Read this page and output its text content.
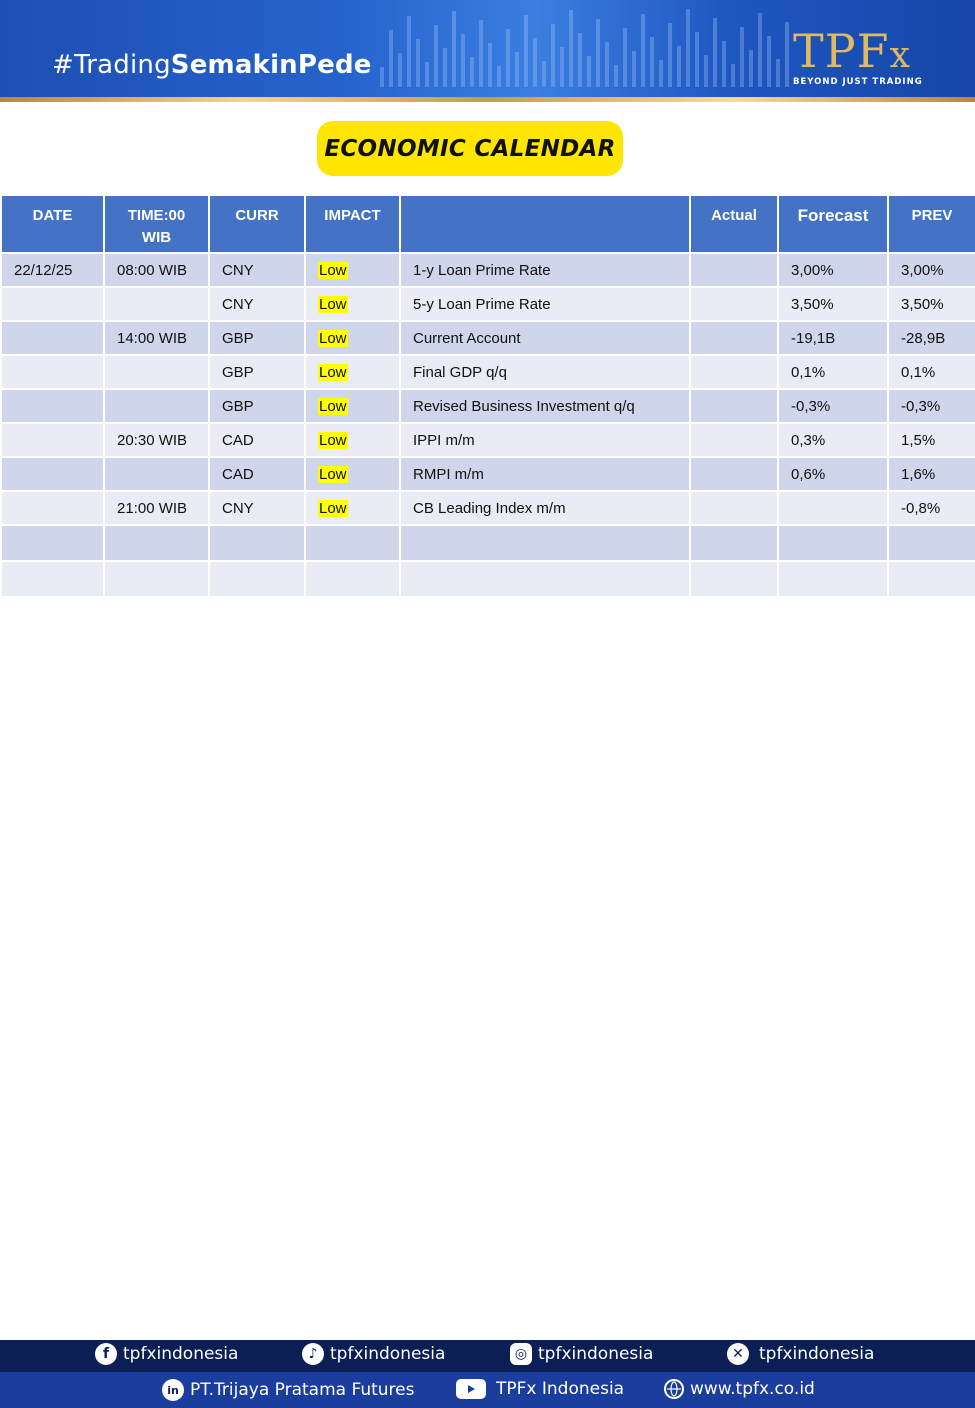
#TradingSemakinPede	TPFx
BEYOND JUST TRADING
ECONOMIC CALENDAR
DATE	TIME:00 WIB	CURR	IMPACT		Actual	Forecast	PREV

22/12/25	08:00 WIB	CNY	Low	1-y Loan Prime Rate		3,00%	3,00%
		CNY	Low	5-y Loan Prime Rate		3,50%	3,50%
	14:00 WIB	GBP	Low	Current Account		-19,1B	-28,9B
		GBP	Low	Final GDP q/q		0,1%	0,1%
		GBP	Low	Revised Business Investment q/q		-0,3%	-0,3%
	20:30 WIB	CAD	Low	IPPI m/m		0,3%	1,5%
		CAD	Low	RMPI m/m		0,6%	1,6%
	21:00 WIB	CNY	Low	CB Leading Index m/m			-0,8%

f tpfxindonesia	♪ tpfxindonesia	◎ tpfxindonesia	✕ tpfxindonesia
in PT.Trijaya Pratama Futures	TPFx Indonesia	www.tpfx.co.id
